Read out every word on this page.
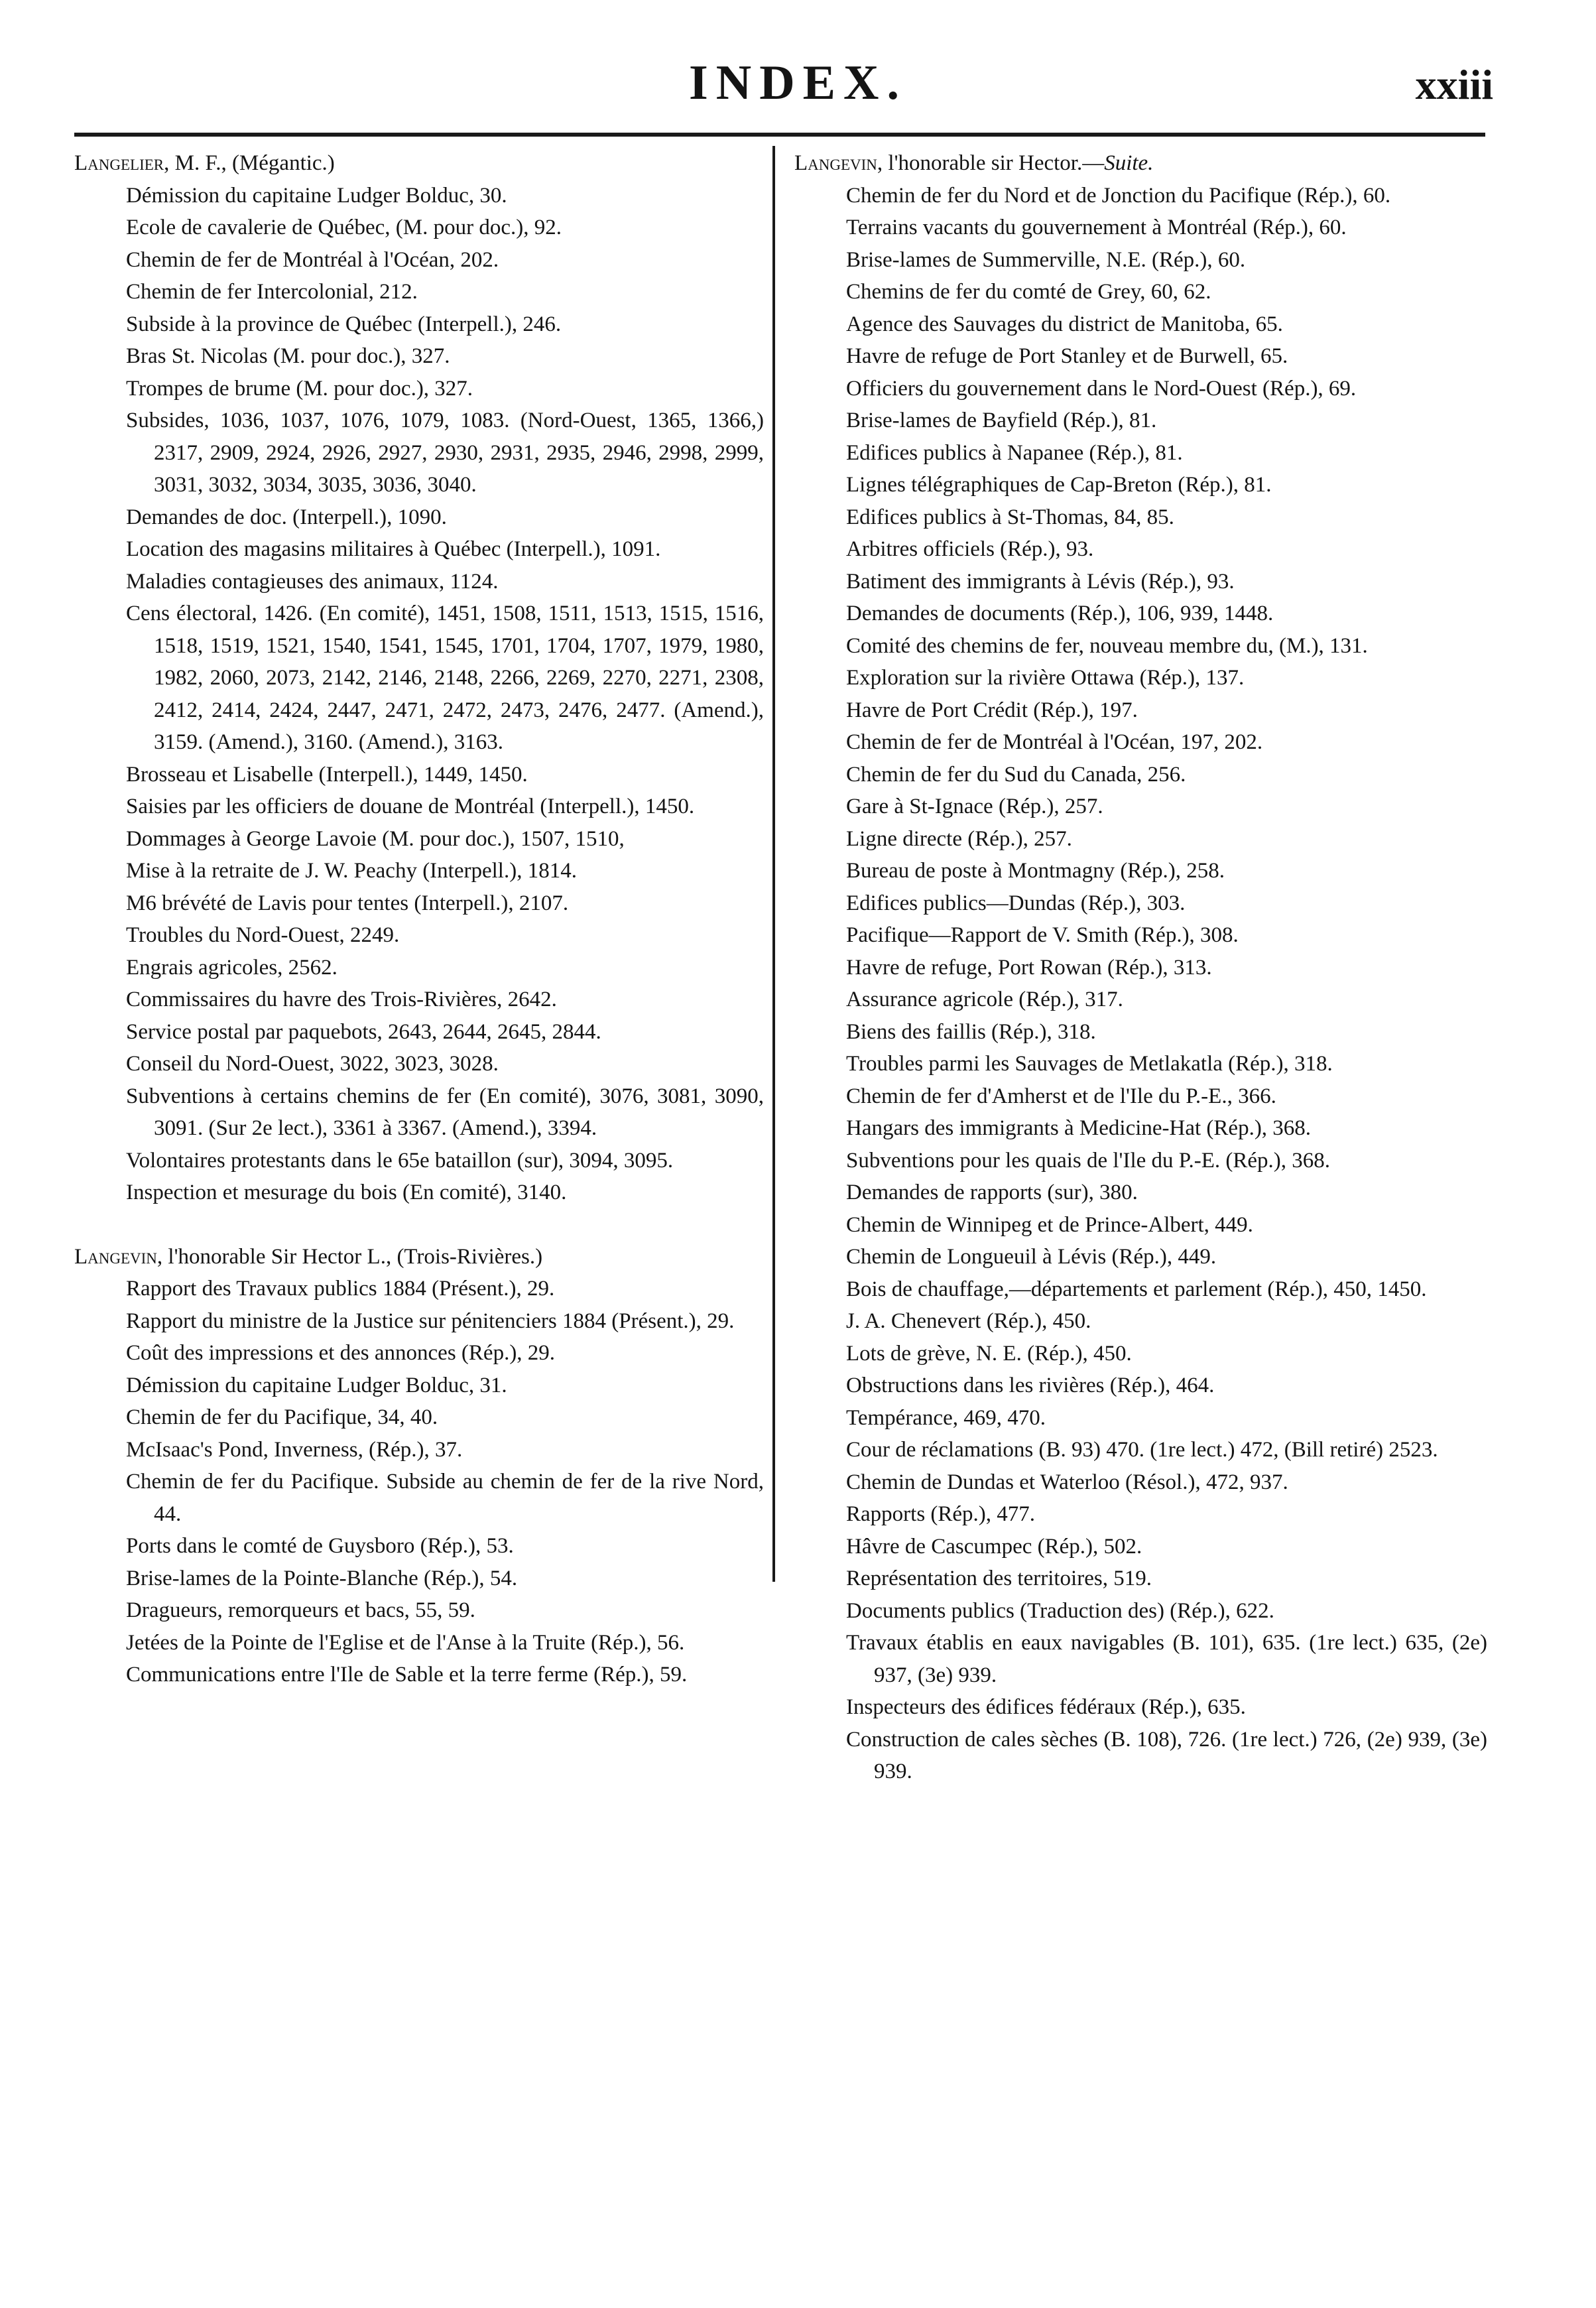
INDEX.	xxiii
Langelier, M. F., (Mégantic.)
Démission du capitaine Ludger Bolduc, 30.
Ecole de cavalerie de Québec, (M. pour doc.), 92.
Chemin de fer de Montréal à l'Océan, 202.
Chemin de fer Intercolonial, 212.
Subside à la province de Québec (Interpell.), 246.
Bras St. Nicolas (M. pour doc.), 327.
Trompes de brume (M. pour doc.), 327.
Subsides, 1036, 1037, 1076, 1079, 1083. (Nord-Ouest, 1365, 1366,) 2317, 2909, 2924, 2926, 2927, 2930, 2931, 2935, 2946, 2998, 2999, 3031, 3032, 3034, 3035, 3036, 3040.
Demandes de doc. (Interpell.), 1090.
Location des magasins militaires à Québec (Interpell.), 1091.
Maladies contagieuses des animaux, 1124.
Cens électoral, 1426. (En comité), 1451, 1508, 1511, 1513, 1515, 1516, 1518, 1519, 1521, 1540, 1541, 1545, 1701, 1704, 1707, 1979, 1980, 1982, 2060, 2073, 2142, 2146, 2148, 2266, 2269, 2270, 2271, 2308, 2412, 2414, 2424, 2447, 2471, 2472, 2473, 2476, 2477. (Amend.), 3159. (Amend.), 3160. (Amend.), 3163.
Brosseau et Lisabelle (Interpell.), 1449, 1450.
Saisies par les officiers de douane de Montréal (Interpell.), 1450.
Dommages à George Lavoie (M. pour doc.), 1507, 1510,
Mise à la retraite de J. W. Peachy (Interpell.), 1814.
M6 brévété de Lavis pour tentes (Interpell.), 2107.
Troubles du Nord-Ouest, 2249.
Engrais agricoles, 2562.
Commissaires du havre des Trois-Rivières, 2642.
Service postal par paquebots, 2643, 2644, 2645, 2844.
Conseil du Nord-Ouest, 3022, 3023, 3028.
Subventions à certains chemins de fer (En comité), 3076, 3081, 3090, 3091. (Sur 2e lect.), 3361 à 3367. (Amend.), 3394.
Volontaires protestants dans le 65e bataillon (sur), 3094, 3095.
Inspection et mesurage du bois (En comité), 3140.
Langevin, l'honorable Sir Hector L., (Trois-Rivières.)
Rapport des Travaux publics 1884 (Présent.), 29.
Rapport du ministre de la Justice sur pénitenciers 1884 (Présent.), 29.
Coût des impressions et des annonces (Rép.), 29.
Démission du capitaine Ludger Bolduc, 31.
Chemin de fer du Pacifique, 34, 40.
McIsaac's Pond, Inverness, (Rép.), 37.
Chemin de fer du Pacifique. Subside au chemin de fer de la rive Nord, 44.
Ports dans le comté de Guysboro (Rép.), 53.
Brise-lames de la Pointe-Blanche (Rép.), 54.
Dragueurs, remorqueurs et bacs, 55, 59.
Jetées de la Pointe de l'Eglise et de l'Anse à la Truite (Rép.), 56.
Communications entre l'Ile de Sable et la terre ferme (Rép.), 59.
Langevin, l'honorable sir Hector.—Suite.
Chemin de fer du Nord et de Jonction du Pacifique (Rép.), 60.
Terrains vacants du gouvernement à Montréal (Rép.), 60.
Brise-lames de Summerville, N.E. (Rép.), 60.
Chemins de fer du comté de Grey, 60, 62.
Agence des Sauvages du district de Manitoba, 65.
Havre de refuge de Port Stanley et de Burwell, 65.
Officiers du gouvernement dans le Nord-Ouest (Rép.), 69.
Brise-lames de Bayfield (Rép.), 81.
Edifices publics à Napanee (Rép.), 81.
Lignes télégraphiques de Cap-Breton (Rép.), 81.
Edifices publics à St-Thomas, 84, 85.
Arbitres officiels (Rép.), 93.
Batiment des immigrants à Lévis (Rép.), 93.
Demandes de documents (Rép.), 106, 939, 1448.
Comité des chemins de fer, nouveau membre du, (M.), 131.
Exploration sur la rivière Ottawa (Rép.), 137.
Havre de Port Crédit (Rép.), 197.
Chemin de fer de Montréal à l'Océan, 197, 202.
Chemin de fer du Sud du Canada, 256.
Gare à St-Ignace (Rép.), 257.
Ligne directe (Rép.), 257.
Bureau de poste à Montmagny (Rép.), 258.
Edifices publics—Dundas (Rép.), 303.
Pacifique—Rapport de V. Smith (Rép.), 308.
Havre de refuge, Port Rowan (Rép.), 313.
Assurance agricole (Rép.), 317.
Biens des faillis (Rép.), 318.
Troubles parmi les Sauvages de Metlakatla (Rép.), 318.
Chemin de fer d'Amherst et de l'Ile du P.-E., 366.
Hangars des immigrants à Medicine-Hat (Rép.), 368.
Subventions pour les quais de l'Ile du P.-E. (Rép.), 368.
Demandes de rapports (sur), 380.
Chemin de Winnipeg et de Prince-Albert, 449.
Chemin de Longueuil à Lévis (Rép.), 449.
Bois de chauffage,—départements et parlement (Rép.), 450, 1450.
J. A. Chenevert (Rép.), 450.
Lots de grève, N. E. (Rép.), 450.
Obstructions dans les rivières (Rép.), 464.
Tempérance, 469, 470.
Cour de réclamations (B. 93) 470. (1re lect.) 472, (Bill retiré) 2523.
Chemin de Dundas et Waterloo (Résol.), 472, 937.
Rapports (Rép.), 477.
Hâvre de Cascumpec (Rép.), 502.
Représentation des territoires, 519.
Documents publics (Traduction des) (Rép.), 622.
Travaux établis en eaux navigables (B. 101), 635. (1re lect.) 635, (2e) 937, (3e) 939.
Inspecteurs des édifices fédéraux (Rép.), 635.
Construction de cales sèches (B. 108), 726. (1re lect.) 726, (2e) 939, (3e) 939.
